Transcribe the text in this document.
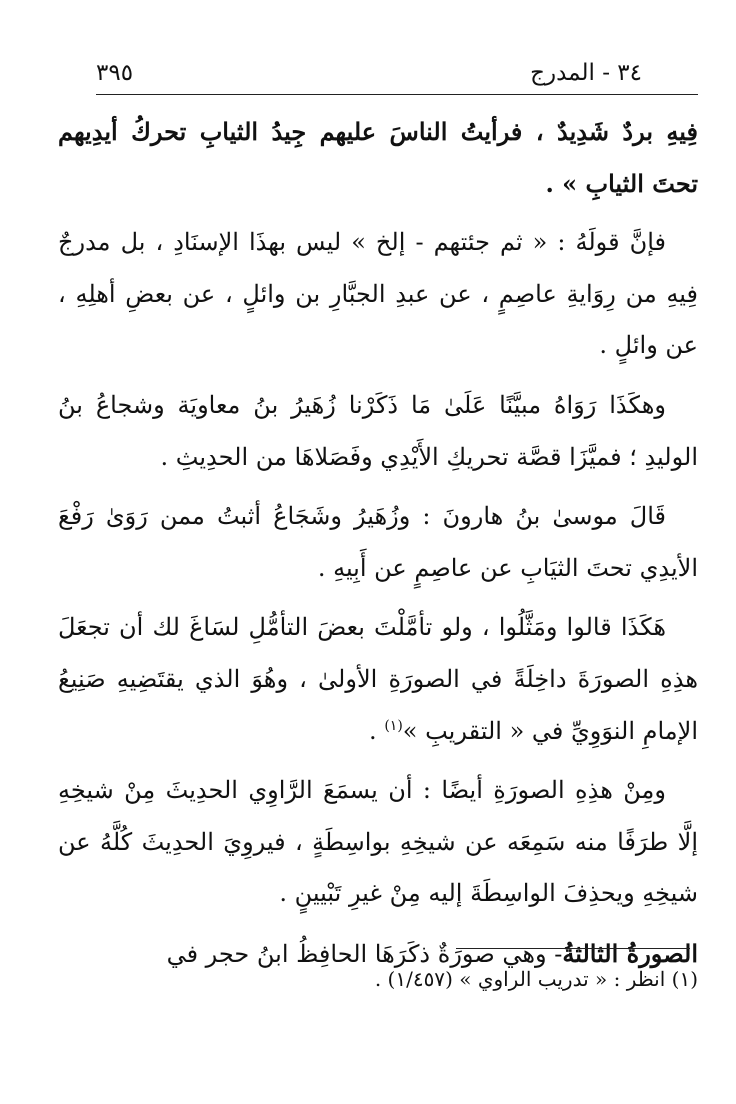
٣٤ - المدرج
٣٩٥

فِيهِ بردٌ شَدِيدٌ ، فرأيتُ الناسَ عليهم جِيدُ الثيابِ تحركُ أيدِيهم تحتَ الثيابِ » .

فإنَّ قولَهُ : « ثم جئتهم - إلخ » ليس بهذَا الإسنَادِ ، بل مدرجٌ فِيهِ من رِوَايةِ عاصِمٍ ، عن عبدِ الجبَّارِ بن وائلٍ ، عن بعضِ أهلِهِ ، عن وائلٍ .

وهكَذَا رَوَاهُ مبيَّنًا عَلَىٰ مَا ذَكَرْنا زُهَيرُ بنُ معاويَة وشجاعُ بنُ الوليدِ ؛ فميَّزَا قصَّة تحريكِ الأَيْدِي وفَصَلاهَا من الحدِيثِ .

قَالَ موسىٰ بنُ هارونَ : وزُهَيرُ وشَجَاعُ أثبتُ ممن رَوَىٰ رَفْعَ الأيدِي تحتَ الثيَابِ عن عاصِمٍ عن أَبِيهِ .

هَكَذَا قالوا ومَثَّلُوا ، ولو تأمَّلْتَ بعضَ التأمُّلِ لسَاغَ لك أن تجعَلَ هذِهِ الصورَةَ داخِلَةً في الصورَةِ الأولىٰ ، وهُوَ الذي يقتَضِيهِ صَنِيعُ الإمامِ النوَوِيِّ في « التقريبِ »$^{(١)}$ .

ومِنْ هذِهِ الصورَةِ أيضًا : أن يسمَعَ الرَّاوِي الحدِيثَ مِنْ شيخِهِ إلَّا طرَفًا منه سَمِعَه عن شيخِهِ بواسِطَةٍ ، فيروِيَ الحدِيثَ كُلَّهُ عن شيخِهِ ويحذِفَ الواسِطَةَ إليه مِنْ غيرِ تَبْيينٍ .

الصورةُ الثالثةُ- وهي صورَةٌ ذكَرَهَا الحافِظُ ابنُ حجر في

(١) انظر : « تدريب الراوي » (١/٤٥٧) .
